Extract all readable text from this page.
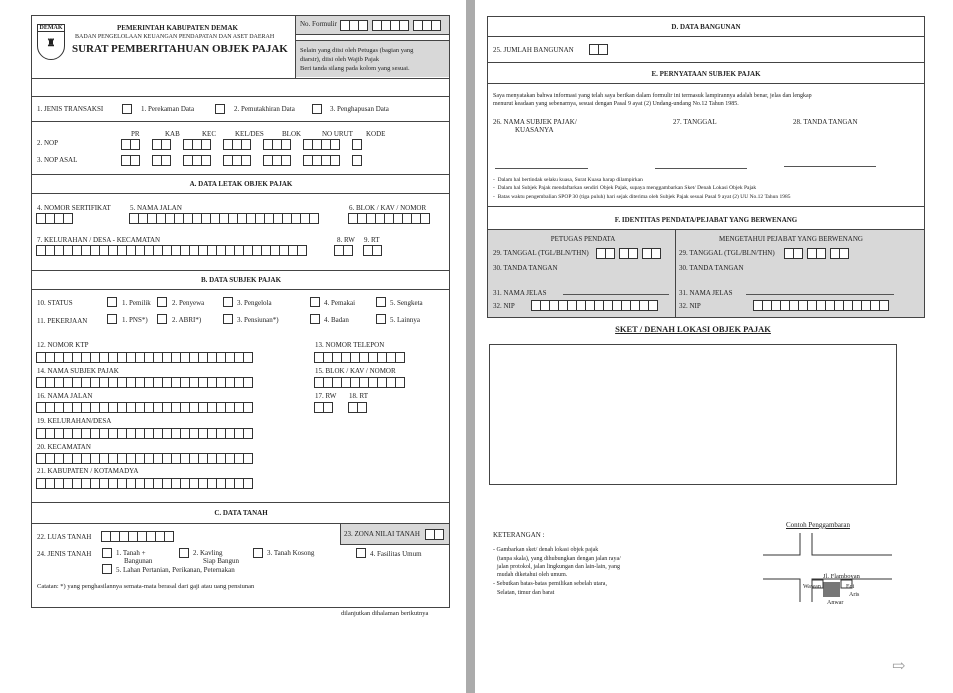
DEMAK
♜
PEMERINTAH KABUPATEN DEMAK
BADAN PENGELOLAAN KEUANGAN PENDAPATAN DAN ASET DAERAH
SURAT PEMBERITAHUAN OBJEK PAJAK
No. Formulir
Selain yang diisi oleh Petugas (bagian yang
diarsir), diisi oleh Wajib Pajak
Beri tanda silang pada kolom yang sesuai.
1. JENIS TRANSAKSI	1. Perekaman Data	2. Pemutakhiran Data	3. Penghapusan Data
PR	KAB	KEC	KEL/DES	BLOK	NO URUT KODE
2. NOP
3. NOP ASAL
A. DATA LETAK OBJEK PAJAK
4. NOMOR SERTIFIKAT	5. NAMA JALAN	6. BLOK / KAV / NOMOR
7. KELURAHAN / DESA - KECAMATAN	8. RW 9. RT
B. DATA SUBJEK PAJAK
10. STATUS	1. Pemilik	2. Penyewa	3. Pengelola	4. Pemakai	5. Sengketa
11. PEKERJAAN	1. PNS*)	2. ABRI*)	3. Pensiunan*)	4. Badan	5. Lainnya
12. NOMOR KTP	13. NOMOR TELEPON
14. NAMA SUBJEK PAJAK	15. BLOK / KAV / NOMOR
16. NAMA JALAN	17. RW 18. RT
19. KELURAHAN/DESA
20. KECAMATAN
21. KABUPATEN / KOTAMADYA
C. DATA TANAH
22. LUAS TANAH	23. ZONA NILAI TANAH
24. JENIS TANAH	1. Tanah +
Bangunan
2. Kavling
Siap Bangun
3. Tanah Kosong	4. Fasilitas Umum
5. Lahan Pertanian, Perikanan, Peternakan
Catatan: *) yang penghasilannya semata-mata berasal dari gaji atau uang pensiunan
dilanjutkan dihalaman berikutnya
D. DATA BANGUNAN
25. JUMLAH BANGUNAN
E. PERNYATAAN SUBJEK PAJAK
Saya menyatakan bahwa informasi yang telah saya berikan dalam formulir ini termasuk lampirannya adalah benar, jelas dan lengkap
menurut keadaan yang sebenarnya, sesuai dengan Pasal 9 ayat (2) Undang-undang No.12 Tahun 1985.
26. NAMA SUBJEK PAJAK/
KUASANYA
27. TANGGAL	28. TANDA TANGAN
-  Dalam hal bertindak selaku kuasa, Surat Kuasa harap dilampirkan
-  Dalam hal Subjek Pajak mendaftarkan sendiri Objek Pajak, supaya menggambarkan Sket/ Denah Lokasi Objek Pajak
-  Batas waktu pengembalian SPOP 30 (tiga puluh) hari sejak diterima oleh Subjek Pajak sesuai Pasal 9 ayat (2) UU No.12 Tahun 1985
F. IDENTITAS PENDATA/PEJABAT YANG BERWENANG
PETUGAS PENDATA	MENGETAHUI PEJABAT YANG BERWENANG
29. TANGGAL (TGL/BLN/THN)	29. TANGGAL (TGL/BLN/THN)
30. TANDA TANGAN	30. TANDA TANGAN
31. NAMA JELAS	31. NAMA JELAS
32. NIP	32. NIP
SKET / DENAH LOKASI OBJEK PAJAK
KETERANGAN :
- Gambarkan sket/ denah lokasi objek pajak
(tanpa skala), yang dihubungkan dengan jalan raya/
jalan protokol, jalan lingkungan dan lain-lain, yang
mudah diketahui oleh umum.
- Sebutkan batas-batas pemilikan sebelah utara,
Selatan, timur dan barat
Contoh Penggambaran
Jl. Flamboyan
Wawan	Edi
Aris
Anwar
⇨
